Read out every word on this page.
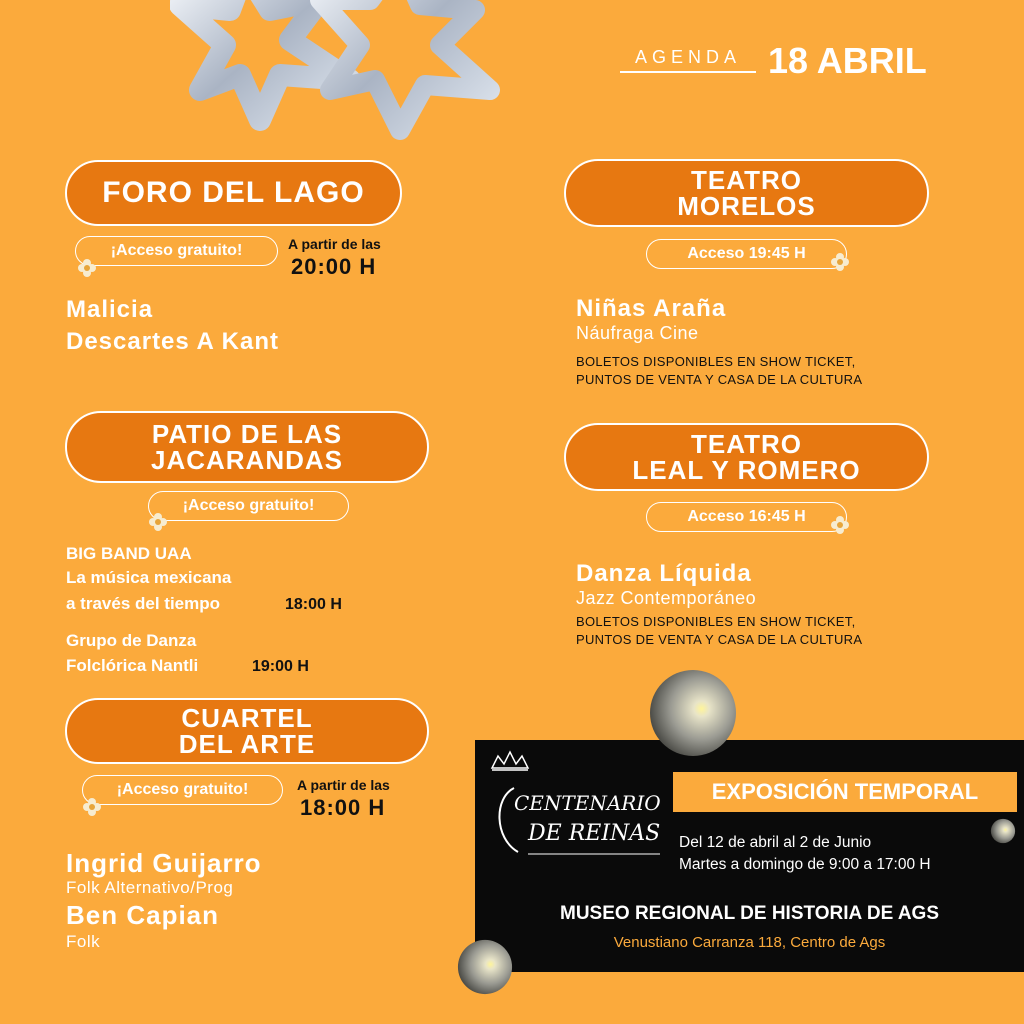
AGENDA 18 ABRIL
FORO DEL LAGO
¡Acceso gratuito!	A partir de las
20:00 H
Malicia
Descartes A Kant
PATIO DE LAS
JACARANDAS
¡Acceso gratuito!
BIG BAND UAA
La música mexicana
a través del tiempo	18:00 H
Grupo de Danza
Folclórica Nantli	19:00 H
CUARTEL
DEL ARTE
¡Acceso gratuito!	A partir de las
18:00 H
Ingrid Guijarro
Folk Alternativo/Prog
Ben Capian
Folk
TEATRO
MORELOS
Acceso 19:45 H
Niñas Araña
Náufraga Cine
BOLETOS DISPONIBLES EN SHOW TICKET,
PUNTOS DE VENTA Y CASA DE LA CULTURA
TEATRO
LEAL Y ROMERO
Acceso 16:45 H
Danza Líquida
Jazz Contemporáneo
BOLETOS DISPONIBLES EN SHOW TICKET,
PUNTOS DE VENTA Y CASA DE LA CULTURA
CENTENARIO
DE REINAS
EXPOSICIÓN TEMPORAL
Del 12 de abril al 2 de Junio
Martes a domingo de 9:00 a 17:00 H
MUSEO REGIONAL DE HISTORIA DE AGS
Venustiano Carranza 118, Centro de Ags
